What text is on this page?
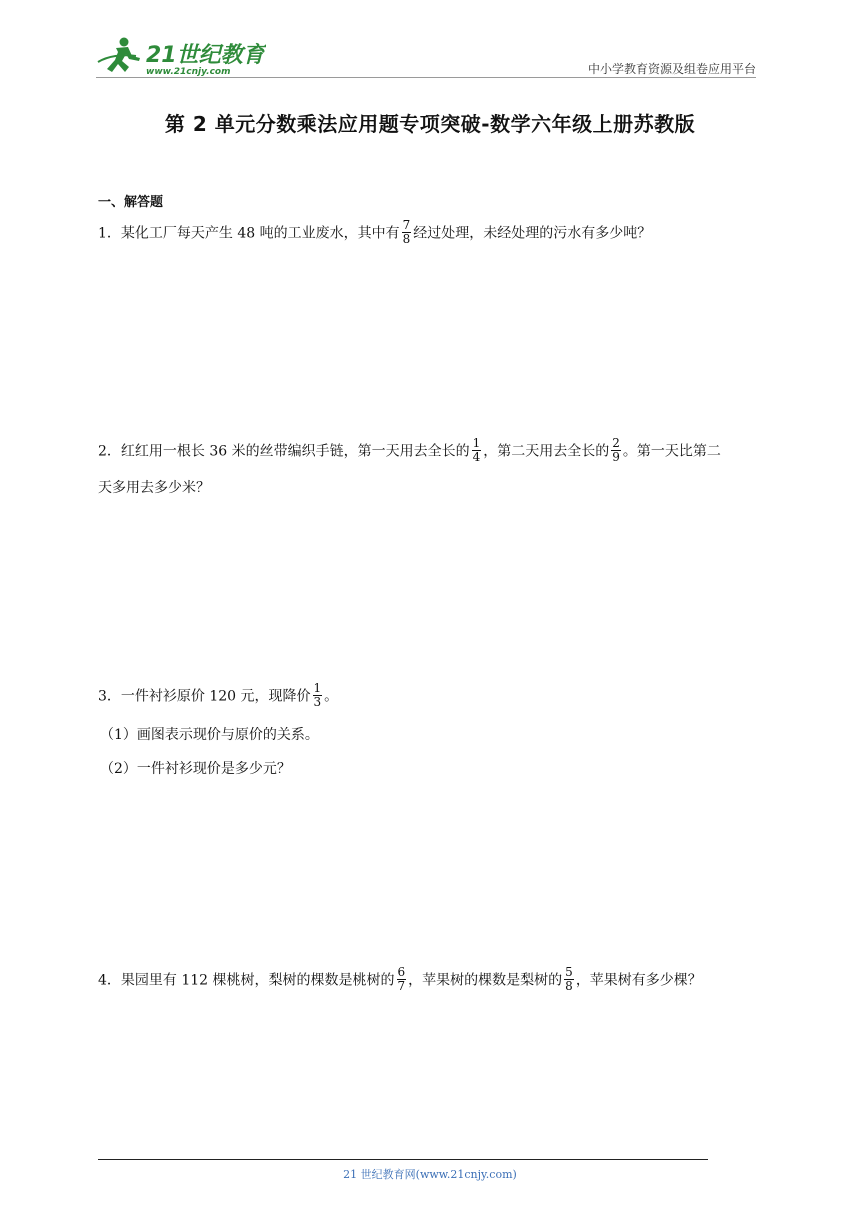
21世纪教育
www.21cnjy.com	中小学教育资源及组卷应用平台
第 2 单元分数乘法应用题专项突破-数学六年级上册苏教版
一、解答题
1．某化工厂每天产生 48 吨的工业废水，其中有 $\frac{7}{8}$ 经过处理，未经处理的污水有多少吨？
2．红红用一根长 36 米的丝带编织手链，第一天用去全长的 $\frac{1}{4}$ ，第二天用去全长的 $\frac{2}{9}$ 。第一天比第二
天多用去多少米？
3．一件衬衫原价 120 元，现降价 $\frac{1}{3}$ 。
（1）画图表示现价与原价的关系。
（2）一件衬衫现价是多少元？
4．果园里有 112 棵桃树，梨树的棵数是桃树的 $\frac{6}{7}$ ，苹果树的棵数是梨树的 $\frac{5}{8}$ ，苹果树有多少棵？
21 世纪教育网(www.21cnjy.com)
